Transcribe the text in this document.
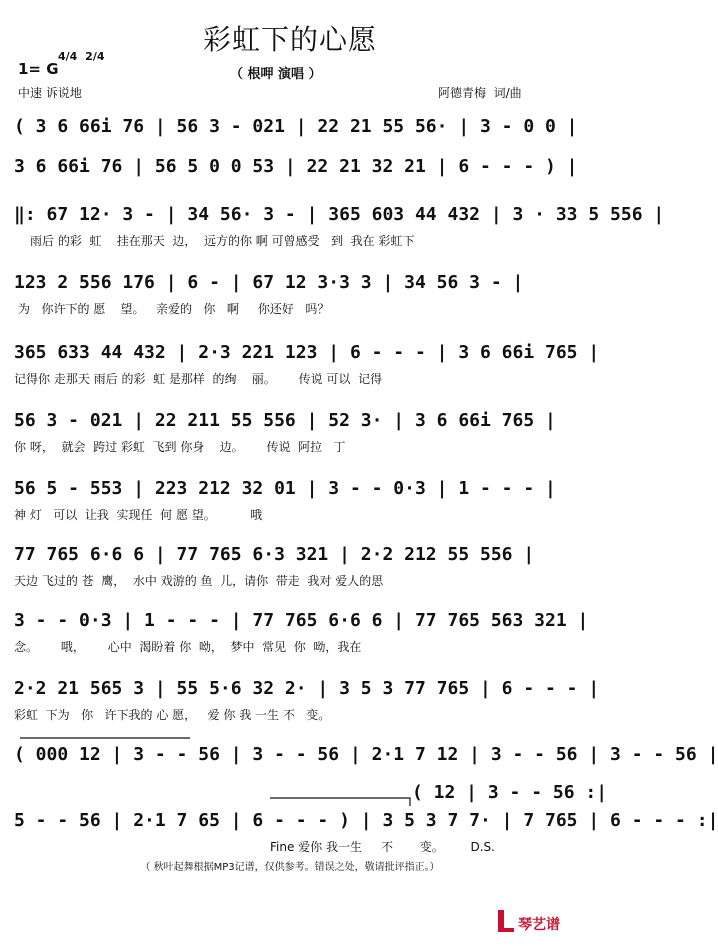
彩虹下的心愿
1= G
4/4 2/4
（ 根呷 演唱 ）
中速 诉说地	阿德青梅  词/曲
( 3 6 66i 76 | 56 3 - 021 | 22 21 55 56· | 3 - 0 0 |
3 6 66i 76 | 56 5 0 0 53 | 22 21 32 21 | 6 - - - ) |
‖: 67 12· 3 - | 34 56· 3 - | 365 603 44 432 | 3 · 33 5 556 |
雨后 的彩  虹    挂在那天  边，  远方的你 啊 可曾感受   到  我在 彩虹下
123 2 556 176 | 6 - | 67 12 3·3 3 | 34 56 3 - |
为   你许下的 愿    望。   亲爱的   你   啊     你还好   吗？
365 633 44 432 | 2·3 221 123 | 6 - - - | 3 6 66i 765 |
记得你 走那天 雨后 的彩  虹 是那样  的绚    丽。      传说 可以  记得
56 3 - 021 | 22 211 55 556 | 52 3· | 3 6 66i 765 |
你 呀，  就会  跨过 彩虹  飞到 你身    边。      传说  阿拉   丁
56 5 - 553 | 223 212 32 01 | 3 - - 0·3 | 1 - - - |
神 灯   可以  让我  实现任  何 愿 望。         哦
77 765 6·6 6 | 77 765 6·3 321 | 2·2 212 55 556 |
天边 飞过的 苍  鹰，  水中 戏游的 鱼  儿，请你  带走  我对 爱人的思
3 - - 0·3 | 1 - - - | 77 765 6·6 6 | 77 765 563 321 |
念。      哦，      心中  渴盼着 你  呦，  梦中  常见  你  呦，我在
2·2 21 565 3 | 55 5·6 32 2· | 3 5 3 77 765 | 6 - - - |
彩虹  下为   你   许下我的 心 愿，   爱 你 我 一生 不   变。
( 000 12 | 3 - - 56 | 3 - - 56 | 2·1 7 12 | 3 - - 56 | 3 - - 56 |
( 12 | 3 - - 56 :|
5 - - 56 | 2·1 7 65 | 6 - - - ) | 3 5 3 7 7· | 7 765 | 6 - - - :|
Fine 爱你 我一生     不       变。       D.S.
（ 秋叶起舞根据MP3记谱，仅供参考。错误之处，敬请批评指正。）
琴艺谱
